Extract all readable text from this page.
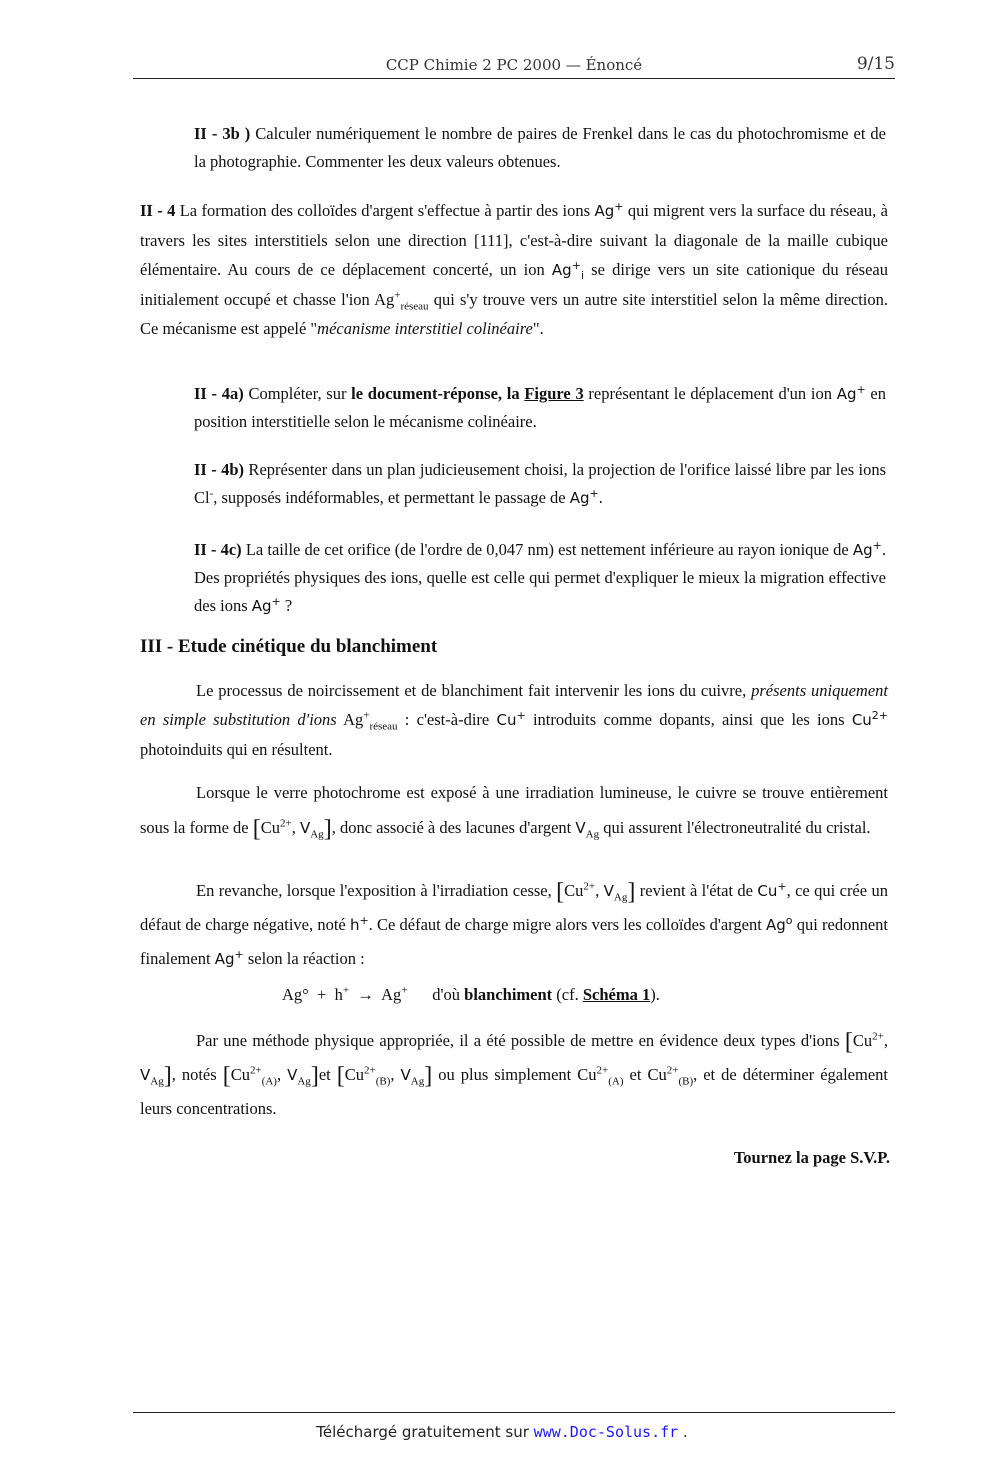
CCP Chimie 2 PC 2000 — Énoncé	9/15
II - 3b ) Calculer numériquement le nombre de paires de Frenkel dans le cas du photochromisme et de la photographie. Commenter les deux valeurs obtenues.
II - 4 La formation des colloïdes d'argent s'effectue à partir des ions Ag+ qui migrent vers la surface du réseau, à travers les sites interstitiels selon une direction [111], c'est-à-dire suivant la diagonale de la maille cubique élémentaire. Au cours de ce déplacement concerté, un ion $Ag^+_i$ se dirige vers un site cationique du réseau initialement occupé et chasse l'ion $Ag^+_{réseau}$ qui s'y trouve vers un autre site interstitiel selon la même direction. Ce mécanisme est appelé "mécanisme interstitiel colinéaire".
II - 4a) Compléter, sur le document-réponse, la Figure 3 représentant le déplacement d'un ion Ag+ en position interstitielle selon le mécanisme colinéaire.
II - 4b) Représenter dans un plan judicieusement choisi, la projection de l'orifice laissé libre par les ions Cl-, supposés indéformables, et permettant le passage de Ag+.
II - 4c) La taille de cet orifice (de l'ordre de 0,047 nm) est nettement inférieure au rayon ionique de Ag+. Des propriétés physiques des ions, quelle est celle qui permet d'expliquer le mieux la migration effective des ions Ag+ ?
III - Etude cinétique du blanchiment
Le processus de noircissement et de blanchiment fait intervenir les ions du cuivre, présents uniquement en simple substitution d'ions $Ag^+_{réseau}$ : c'est-à-dire Cu+ introduits comme dopants, ainsi que les ions $Cu^{2+}$ photoinduits qui en résultent.
Lorsque le verre photochrome est exposé à une irradiation lumineuse, le cuivre se trouve entièrement sous la forme de [$Cu^{2+}$, $V_{Ag}$], donc associé à des lacunes d'argent $V_{Ag}$ qui assurent l'électroneutralité du cristal.
En revanche, lorsque l'exposition à l'irradiation cesse, [$Cu^{2+}$, $V_{Ag}$] revient à l'état de Cu+, ce qui crée un défaut de charge négative, noté h+. Ce défaut de charge migre alors vers les colloïdes d'argent Ag$^o$ qui redonnent finalement Ag+ selon la réaction :
Ag°  +  h+  →  Ag+      d'où blanchiment (cf. Schéma 1).
Par une méthode physique appropriée, il a été possible de mettre en évidence deux types d'ions [$Cu^{2+}$, $V_{Ag}$], notés [$Cu^{2+}_{(A)}$, $V_{Ag}]et$ [$Cu^{2+}_{(B)}$, $V_{Ag}$] ou plus simplement $Cu^{2+}_{(A)}$ et $Cu^{2+}_{(B)}$, et de déterminer également leurs concentrations.
Tournez la page S.V.P.
Téléchargé gratuitement sur www.Doc-Solus.fr .
